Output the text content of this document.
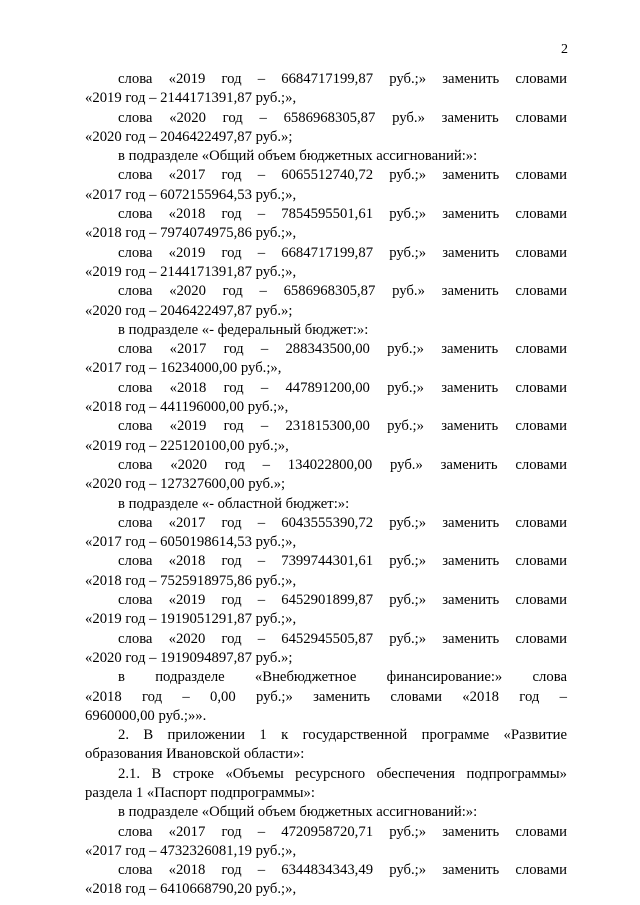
2
слова «2019 год – 6684717199,87 руб.;» заменить словами
«2019 год – 2144171391,87 руб.;»,
слова «2020 год – 6586968305,87 руб.» заменить словами
«2020 год – 2046422497,87 руб.»;
в подразделе «Общий объем бюджетных ассигнований:»:
слова «2017 год – 6065512740,72 руб.;» заменить словами
«2017 год – 6072155964,53 руб.;»,
слова «2018 год – 7854595501,61 руб.;» заменить словами
«2018 год – 7974074975,86 руб.;»,
слова «2019 год – 6684717199,87 руб.;» заменить словами
«2019 год – 2144171391,87 руб.;»,
слова «2020 год – 6586968305,87 руб.» заменить словами
«2020 год – 2046422497,87 руб.»;
в подразделе «- федеральный бюджет:»:
слова «2017 год – 288343500,00 руб.;» заменить словами
«2017 год – 16234000,00 руб.;»,
слова «2018 год – 447891200,00 руб.;» заменить словами
«2018 год – 441196000,00 руб.;»,
слова «2019 год – 231815300,00 руб.;» заменить словами
«2019 год – 225120100,00 руб.;»,
слова «2020 год – 134022800,00 руб.» заменить словами
«2020 год – 127327600,00 руб.»;
в подразделе «- областной бюджет:»:
слова «2017 год – 6043555390,72 руб.;» заменить словами
«2017 год – 6050198614,53 руб.;»,
слова «2018 год – 7399744301,61 руб.;» заменить словами
«2018 год – 7525918975,86 руб.;»,
слова «2019 год – 6452901899,87 руб.;» заменить словами
«2019 год – 1919051291,87 руб.;»,
слова «2020 год – 6452945505,87 руб.;» заменить словами
«2020 год – 1919094897,87 руб.»;
в подразделе «Внебюджетное финансирование:» слова
«2018 год – 0,00 руб.;» заменить словами «2018 год –
6960000,00 руб.;»».
2. В приложении 1 к государственной программе «Развитие
образования Ивановской области»:
2.1. В строке «Объемы ресурсного обеспечения подпрограммы»
раздела 1 «Паспорт подпрограммы»:
в подразделе «Общий объем бюджетных ассигнований:»:
слова «2017 год – 4720958720,71 руб.;» заменить словами
«2017 год – 4732326081,19 руб.;»,
слова «2018 год – 6344834343,49 руб.;» заменить словами
«2018 год – 6410668790,20 руб.;»,
